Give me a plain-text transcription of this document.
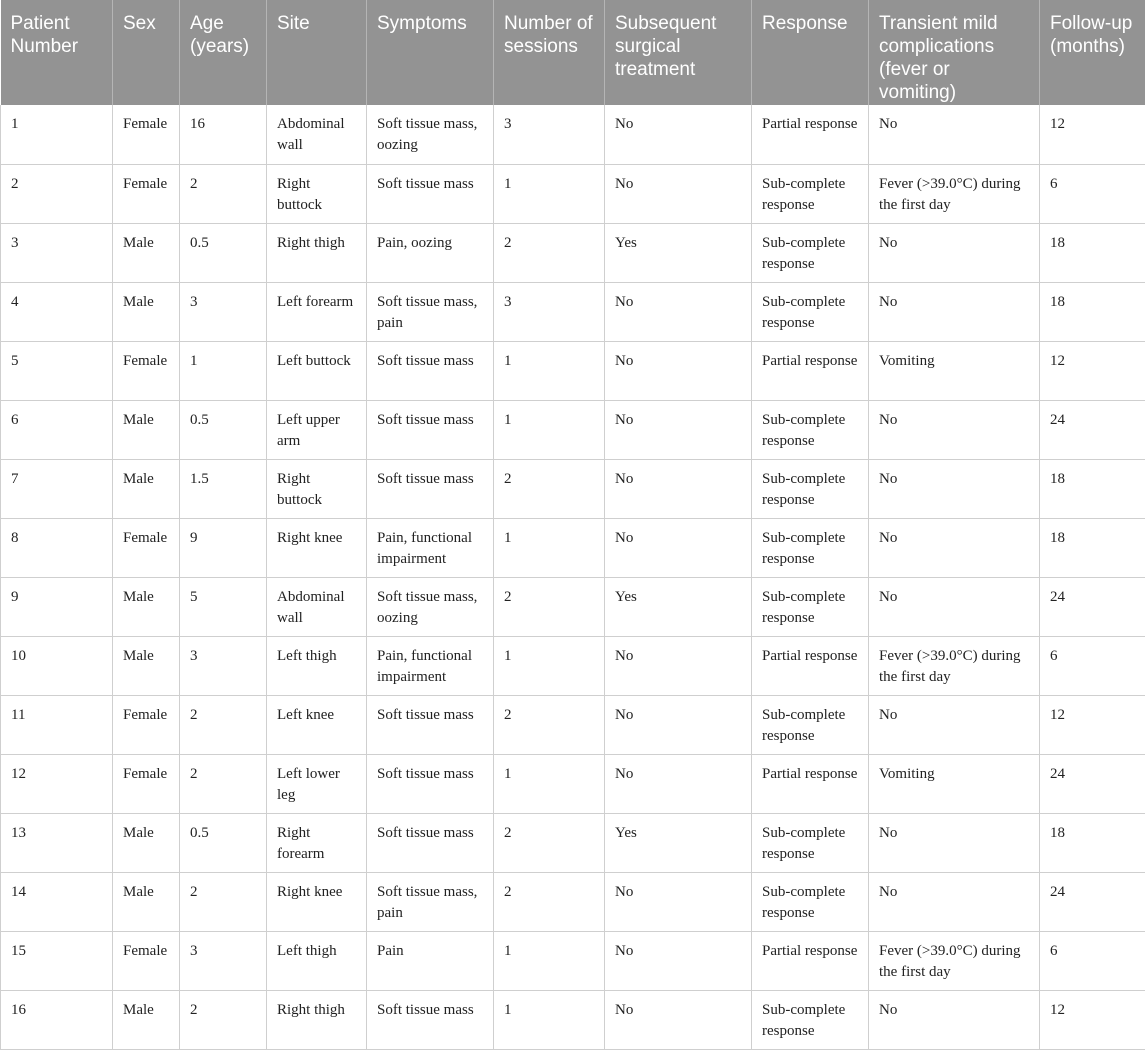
Patient Number	Sex	Age (years)	Site	Symptoms	Number of sessions	Subsequent surgical treatment	Response	Transient mild complications (fever or vomiting)	Follow-up (months)
1	Female	16	Abdominal wall	Soft tissue mass, oozing	3	No	Partial response	No	12
2	Female	2	Right buttock	Soft tissue mass	1	No	Sub-complete response	Fever (>39.0°C) during the first day	6
3	Male	0.5	Right thigh	Pain, oozing	2	Yes	Sub-complete response	No	18
4	Male	3	Left forearm	Soft tissue mass, pain	3	No	Sub-complete response	No	18
5	Female	1	Left buttock	Soft tissue mass	1	No	Partial response	Vomiting	12
6	Male	0.5	Left upper arm	Soft tissue mass	1	No	Sub-complete response	No	24
7	Male	1.5	Right buttock	Soft tissue mass	2	No	Sub-complete response	No	18
8	Female	9	Right knee	Pain, functional impairment	1	No	Sub-complete response	No	18
9	Male	5	Abdominal wall	Soft tissue mass, oozing	2	Yes	Sub-complete response	No	24
10	Male	3	Left thigh	Pain, functional impairment	1	No	Partial response	Fever (>39.0°C) during the first day	6
11	Female	2	Left knee	Soft tissue mass	2	No	Sub-complete response	No	12
12	Female	2	Left lower leg	Soft tissue mass	1	No	Partial response	Vomiting	24
13	Male	0.5	Right forearm	Soft tissue mass	2	Yes	Sub-complete response	No	18
14	Male	2	Right knee	Soft tissue mass, pain	2	No	Sub-complete response	No	24
15	Female	3	Left thigh	Pain	1	No	Partial response	Fever (>39.0°C) during the first day	6
16	Male	2	Right thigh	Soft tissue mass	1	No	Sub-complete response	No	12
